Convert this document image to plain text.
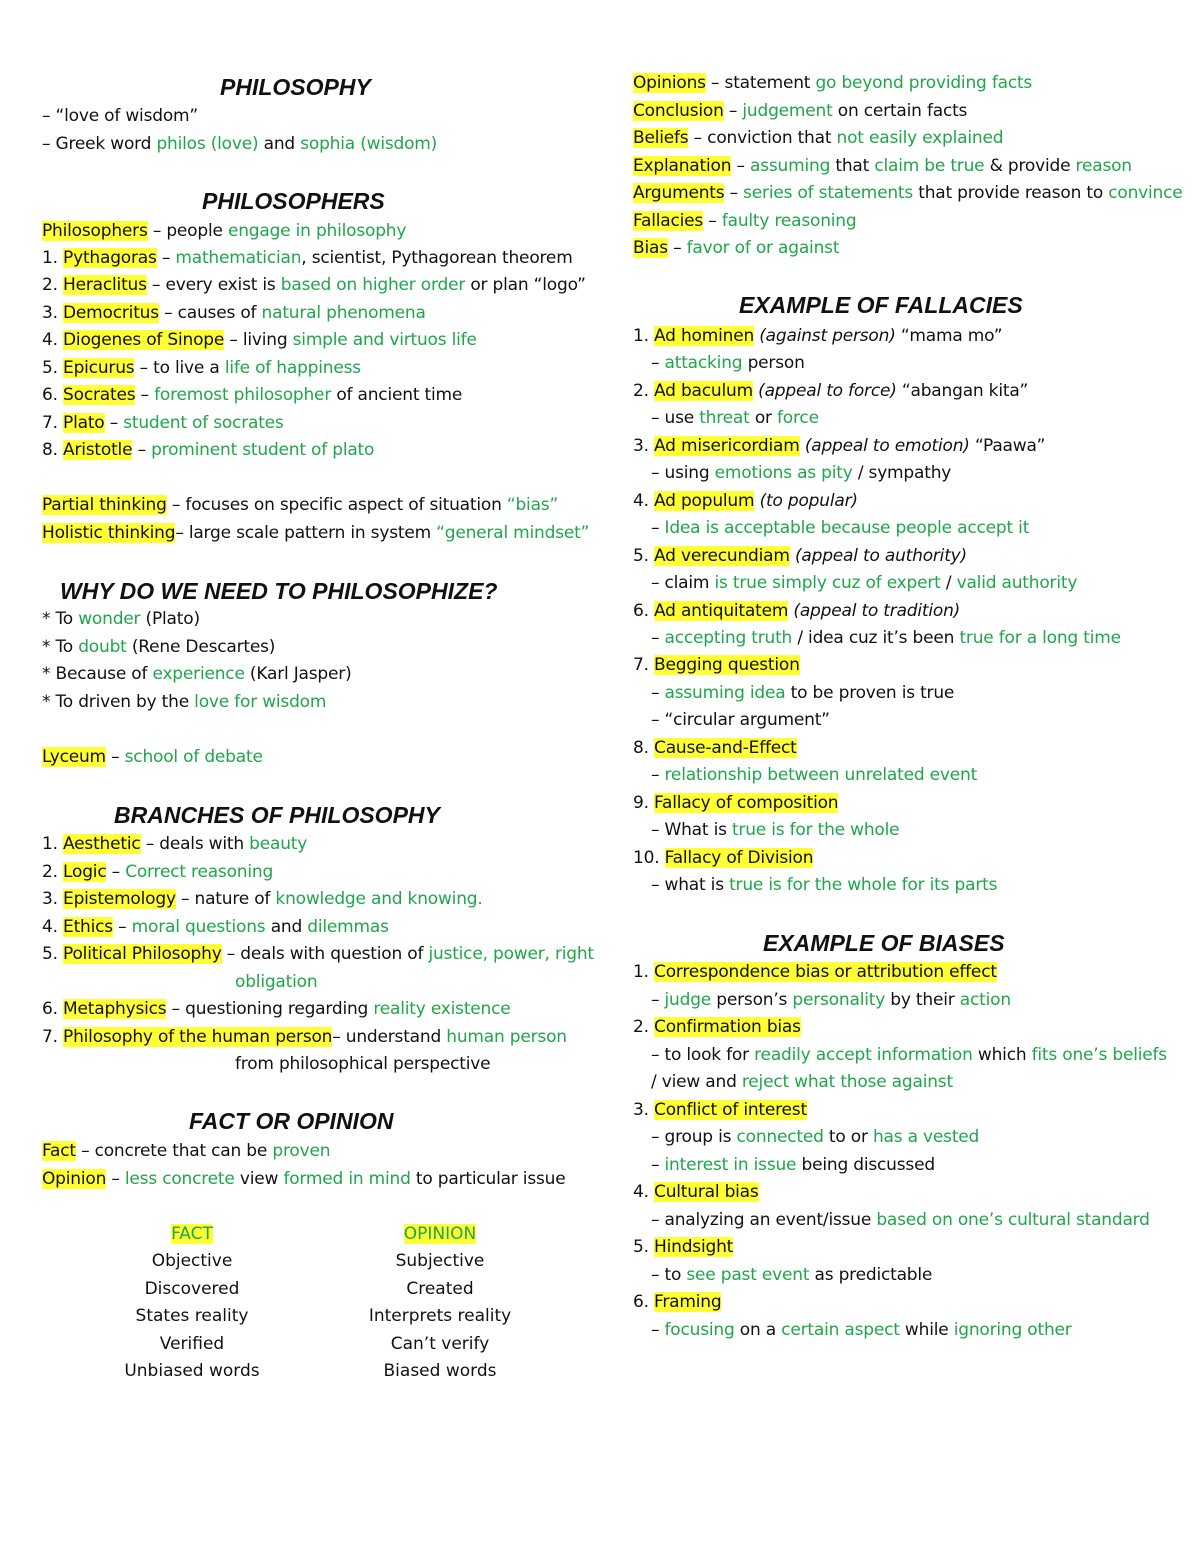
PHILOSOPHY
– “love of wisdom”
– Greek word philos (love) and sophia (wisdom)
PHILOSOPHERS
Philosophers – people engage in philosophy
1. Pythagoras – mathematician, scientist, Pythagorean theorem
2. Heraclitus – every exist is based on higher order or plan “logo”
3. Democritus – causes of natural phenomena
4. Diogenes of Sinope – living simple and virtuos life
5. Epicurus – to live a life of happiness
6. Socrates – foremost philosopher of ancient time
7. Plato – student of socrates
8. Aristotle – prominent student of plato
Partial thinking – focuses on specific aspect of situation “bias”
Holistic thinking– large scale pattern in system “general mindset”
WHY DO WE NEED TO PHILOSOPHIZE?
* To wonder (Plato)
* To doubt (Rene Descartes)
* Because of experience (Karl Jasper)
* To driven by the love for wisdom
Lyceum – school of debate
BRANCHES OF PHILOSOPHY
1. Aesthetic – deals with beauty
2. Logic – Correct reasoning
3. Epistemology – nature of knowledge and knowing.
4. Ethics – moral questions and dilemmas
5. Political Philosophy – deals with question of justice, power, right
obligation
6. Metaphysics – questioning regarding reality existence
7. Philosophy of the human person– understand human person
from philosophical perspective
FACT OR OPINION
Fact – concrete that can be proven
Opinion – less concrete view formed in mind to particular issue
FACT
Objective
Discovered
States reality
Verified
Unbiased words
OPINION
Subjective
Created
Interprets reality
Can’t verify
Biased words
Opinions – statement go beyond providing facts
Conclusion – judgement on certain facts
Beliefs – conviction that not easily explained
Explanation – assuming that claim be true & provide reason
Arguments – series of statements that provide reason to convince
Fallacies – faulty reasoning
Bias – favor of or against
EXAMPLE OF FALLACIES
1. Ad hominen (against person) “mama mo”
– attacking person
2. Ad baculum (appeal to force) “abangan kita”
– use threat or force
3. Ad misericordiam (appeal to emotion) “Paawa”
– using emotions as pity / sympathy
4. Ad populum (to popular)
– Idea is acceptable because people accept it
5. Ad verecundiam (appeal to authority)
– claim is true simply cuz of expert / valid authority
6. Ad antiquitatem (appeal to tradition)
– accepting truth / idea cuz it’s been true for a long time
7. Begging question
– assuming idea to be proven is true
– “circular argument”
8. Cause-and-Effect
– relationship between unrelated event
9. Fallacy of composition
– What is true is for the whole
10. Fallacy of Division
– what is true is for the whole for its parts
EXAMPLE OF BIASES
1. Correspondence bias or attribution effect
– judge person’s personality by their action
2. Confirmation bias
– to look for readily accept information which fits one’s beliefs
/ view and reject what those against
3. Conflict of interest
– group is connected to or has a vested
– interest in issue being discussed
4. Cultural bias
– analyzing an event/issue based on one’s cultural standard
5. Hindsight
– to see past event as predictable
6. Framing
– focusing on a certain aspect while ignoring other
